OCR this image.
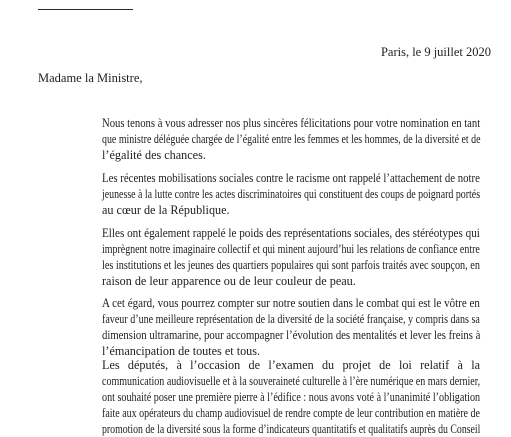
Paris, le 9 juillet 2020
Madame la Ministre,
Nous tenons à vous adresser nos plus sincères félicitations pour votre nomination en tant
que ministre déléguée chargée de l’égalité entre les femmes et les hommes, de la diversité et de
l’égalité des chances.
Les récentes mobilisations sociales contre le racisme ont rappelé l’attachement de notre
jeunesse à la lutte contre les actes discriminatoires qui constituent des coups de poignard portés
au cœur de la République.
Elles ont également rappelé le poids des représentations sociales, des stéréotypes qui
imprègnent notre imaginaire collectif et qui minent aujourd’hui les relations de confiance entre
les institutions et les jeunes des quartiers populaires qui sont parfois traités avec soupçon, en
raison de leur apparence ou de leur couleur de peau.
A cet égard, vous pourrez compter sur notre soutien dans le combat qui est le vôtre en
faveur d’une meilleure représentation de la diversité de la société française, y compris dans sa
dimension ultramarine, pour accompagner l’évolution des mentalités et lever les freins à
l’émancipation de toutes et tous.
Les députés, à l’occasion de l’examen du projet de loi relatif à la
communication audiovisuelle et à la souveraineté culturelle à l’ère numérique en mars dernier,
ont souhaité poser une première pierre à l’édifice : nous avons voté à l’unanimité l’obligation
faite aux opérateurs du champ audiovisuel de rendre compte de leur contribution en matière de
promotion de la diversité sous la forme d’indicateurs quantitatifs et qualitatifs auprès du Conseil
